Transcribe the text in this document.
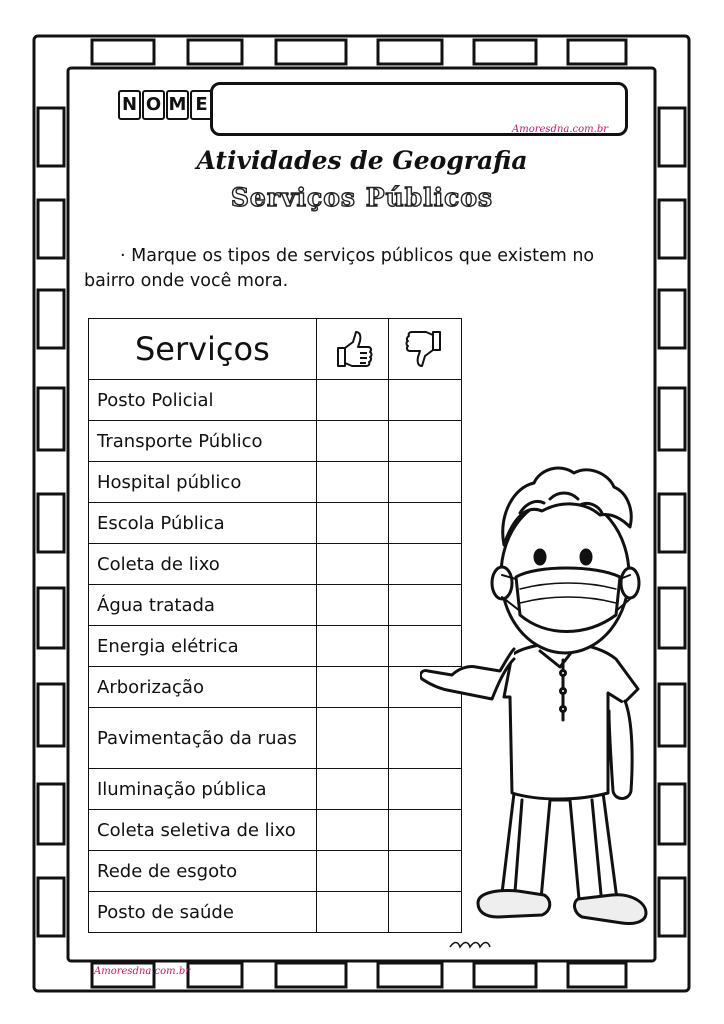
N O M E
Amoresdna.com.br
Amoresdna.com.br
Atividades de Geografia
Serviços Públicos
· Marque os tipos de serviços públicos que existem no bairro onde você mora.
Serviços	

Posto Policial		
Transporte Público		
Hospital público		
Escola Pública		
Coleta de lixo		
Água tratada		
Energia elétrica		
Arborização		
Pavimentação da ruas		
Iluminação pública		
Coleta seletiva de lixo		
Rede de esgoto		
Posto de saúde		
